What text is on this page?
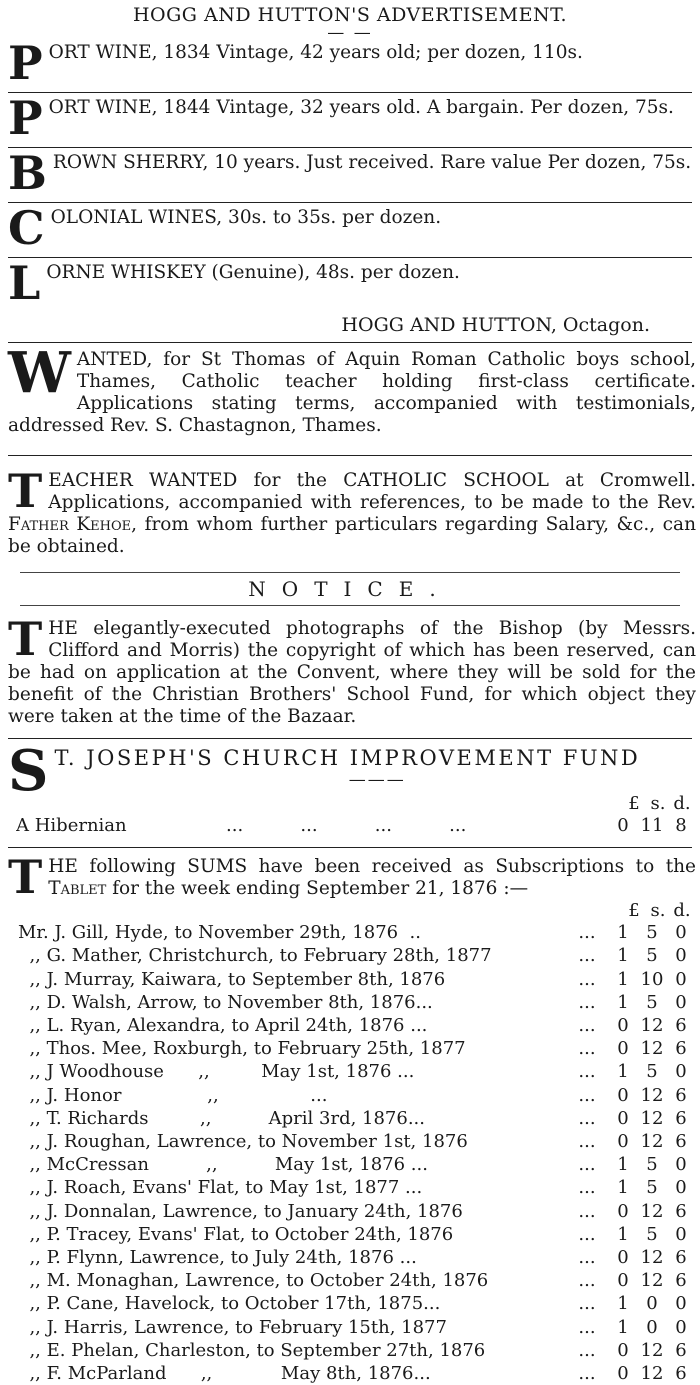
HOGG AND HUTTON'S ADVERTISEMENT.
— —
PORT WINE, 1834 Vintage, 42 years old; per dozen, 110s.
PORT WINE, 1844 Vintage, 32 years old. A bargain. Per dozen, 75s.
BROWN SHERRY, 10 years. Just received. Rare value Per dozen, 75s.
COLONIAL WINES, 30s. to 35s. per dozen.
LORNE WHISKEY (Genuine), 48s. per dozen.
HOGG AND HUTTON, Octagon.
W ANTED, for St Thomas of Aquin Roman Catholic boys school, Thames, Catholic teacher holding first-class certificate. Applications stating terms, accompanied with testimonials, addressed Rev. S. Chastagnon, Thames.
T EACHER WANTED for the CATHOLIC SCHOOL at Cromwell. Applications, accompanied with references, to be made to the Rev. Father Kehoe, from whom further particulars regarding Salary, &c., can be obtained.
NOTICE.
T HE elegantly-executed photographs of the Bishop (by Messrs. Clifford and Morris) the copyright of which has been reserved, can be had on application at the Convent, where they will be sold for the benefit of the Christian Brothers' School Fund, for which object they were taken at the time of the Bazaar.
S T. JOSEPH'S CHURCH IMPROVEMENT FUND
———
£ s. d.
A Hibernian	...          ...          ...          ...	0 11 8
T HE following SUMS have been received as Subscriptions to the Tablet for the week ending September 21, 1876 :—
£ s. d.
Mr. J. Gill, Hyde, to November 29th, 1876  ..	...	1 5 0
,, G. Mather, Christchurch, to February 28th, 1877	...	1 5 0
,, J. Murray, Kaiwara, to September 8th, 1876	...	1 10 0
,, D. Walsh, Arrow, to November 8th, 1876...	...	1 5 0
,, L. Ryan, Alexandra, to April 24th, 1876 ...	...	0 12 6
,, Thos. Mee, Roxburgh, to February 25th, 1877	...	0 12 6
,, J Woodhouse      ,,         May 1st, 1876 ...	...	1 5 0
,, J. Honor               ,,                ...	...	0 12 6
,, T. Richards         ,,          April 3rd, 1876...	...	0 12 6
,, J. Roughan, Lawrence, to November 1st, 1876	...	0 12 6
,, McCressan          ,,          May 1st, 1876 ...	...	1 5 0
,, J. Roach, Evans' Flat, to May 1st, 1877 ...	...	1 5 0
,, J. Donnalan, Lawrence, to January 24th, 1876	...	0 12 6
,, P. Tracey, Evans' Flat, to October 24th, 1876	...	1 5 0
,, P. Flynn, Lawrence, to July 24th, 1876 ...	...	0 12 6
,, M. Monaghan, Lawrence, to October 24th, 1876	...	0 12 6
,, P. Cane, Havelock, to October 17th, 1875...	...	1 0 0
,, J. Harris, Lawrence, to February 15th, 1877	...	1 0 0
,, E. Phelan, Charleston, to September 27th, 1876	...	0 12 6
,, F. McParland      ,,            May 8th, 1876...	...	0 12 6
